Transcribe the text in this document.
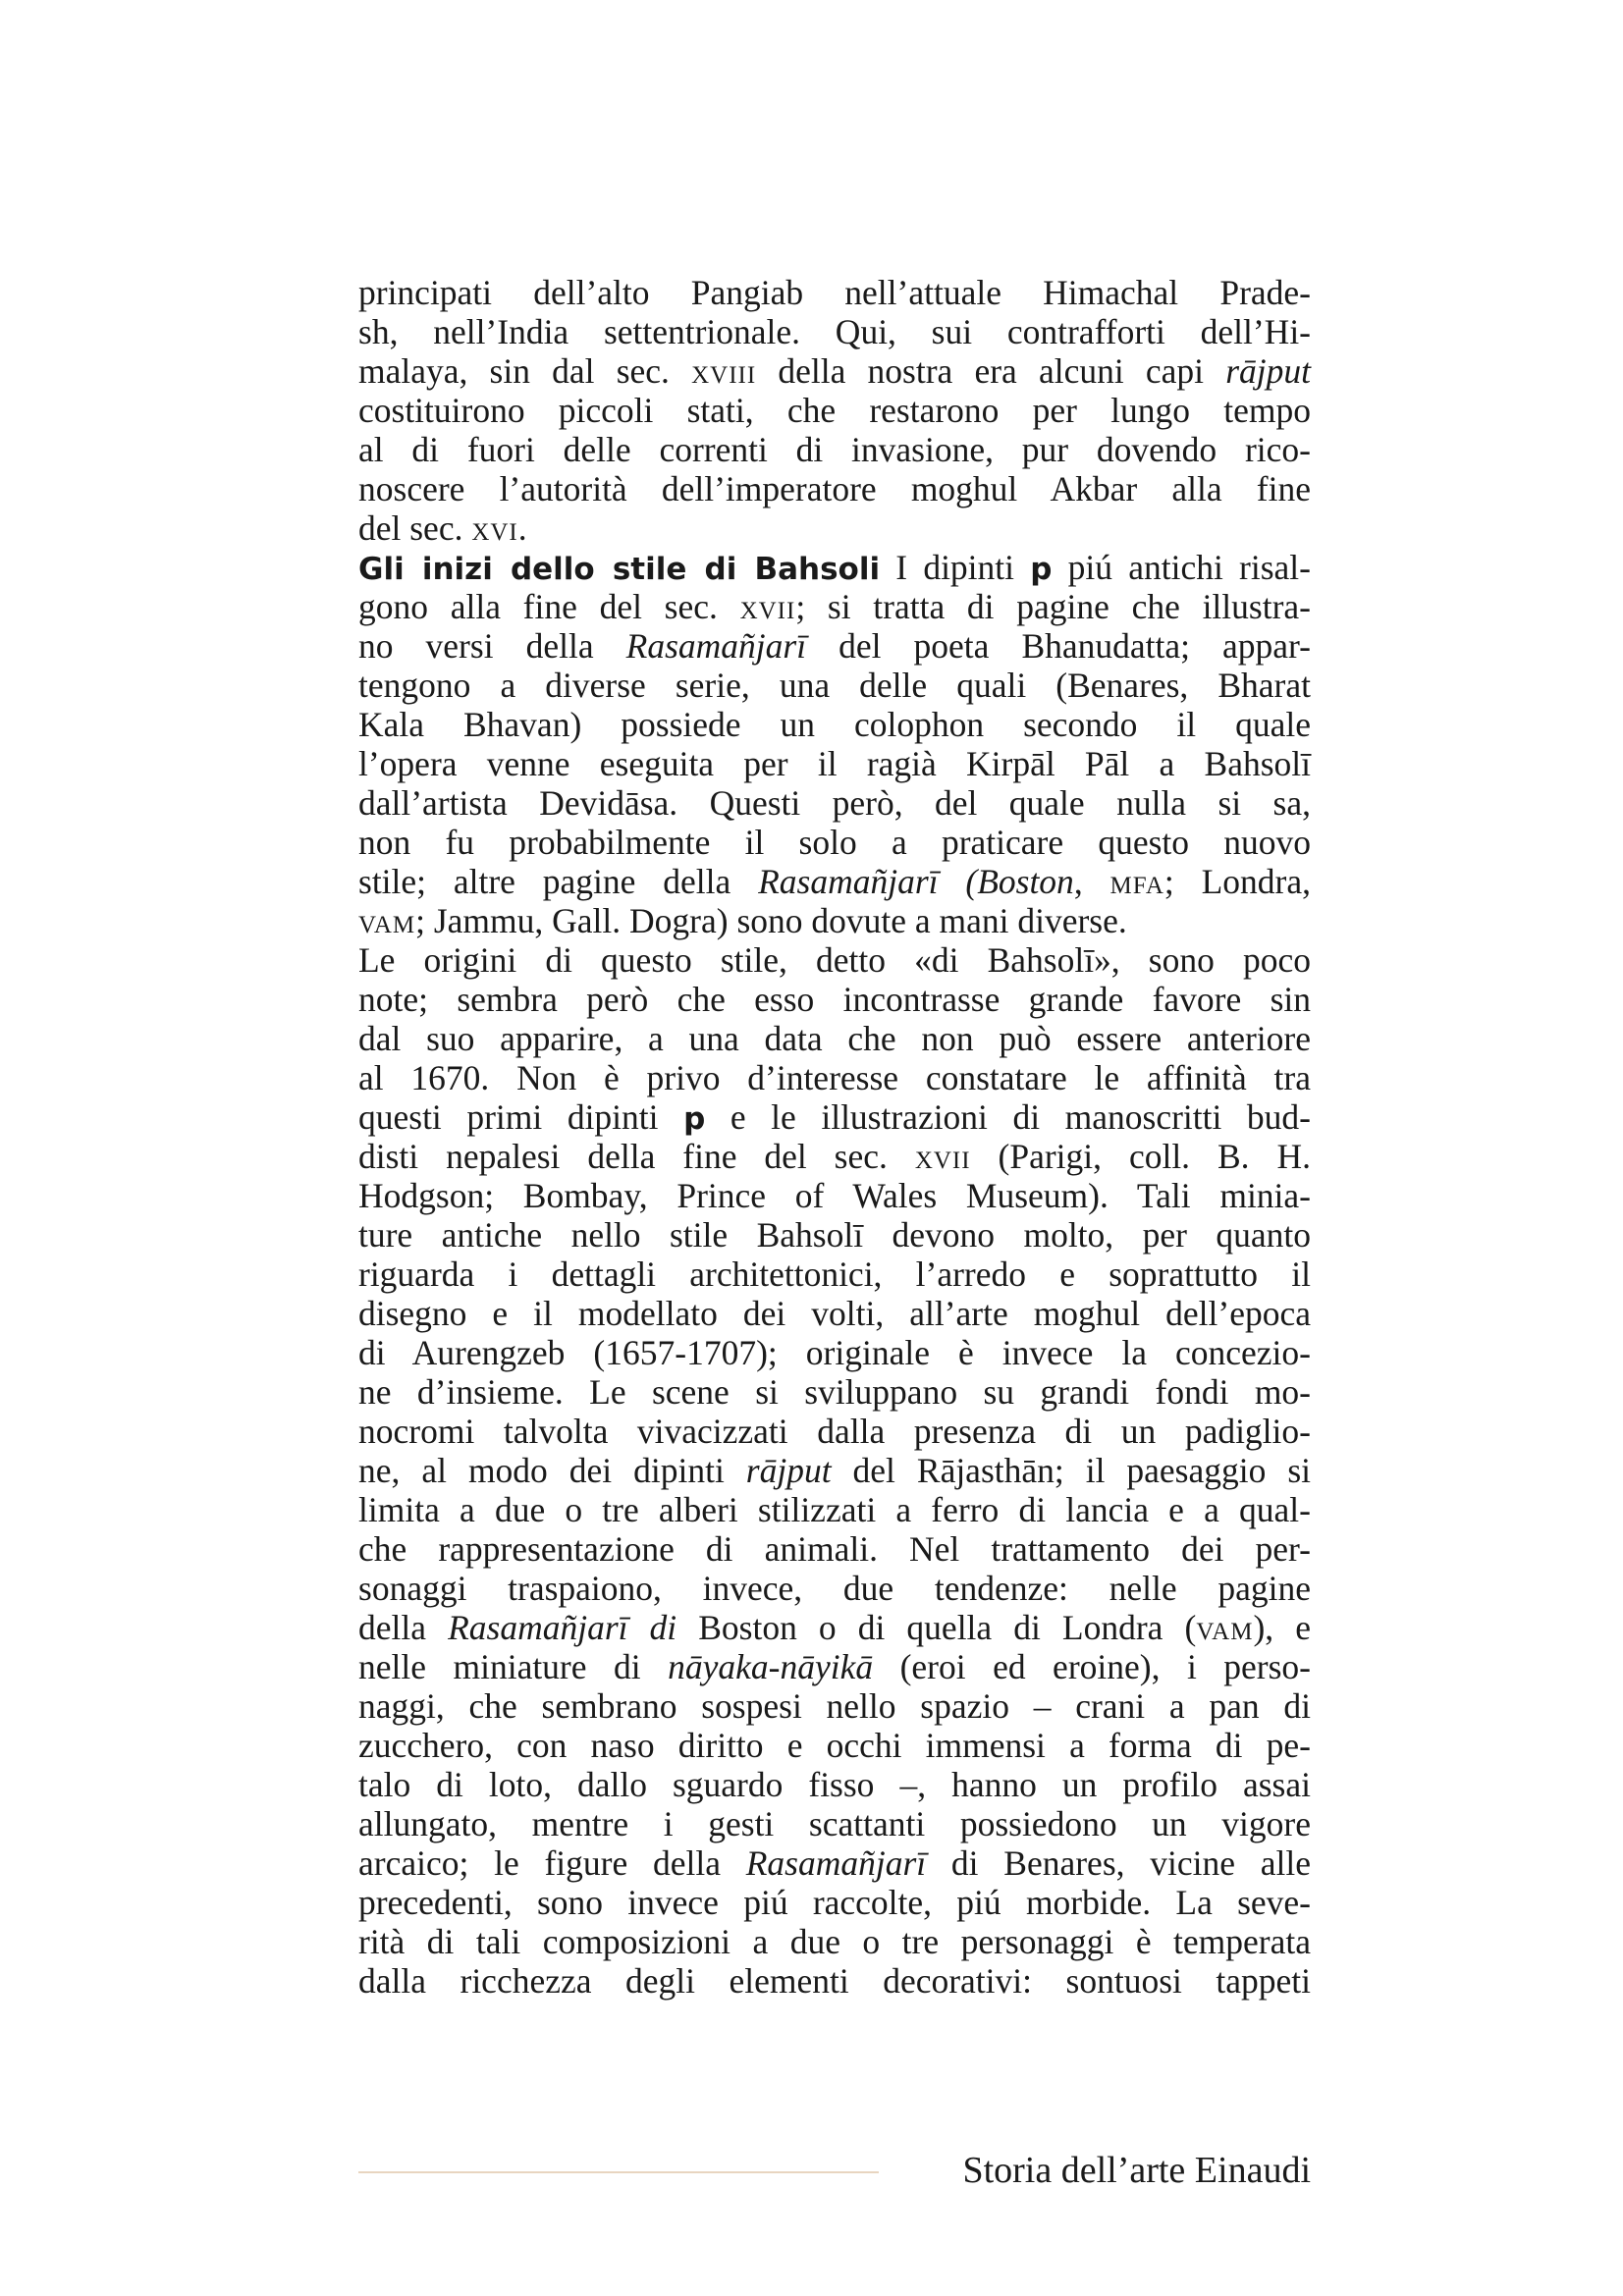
principati dell’alto Pangiab nell’attuale Himachal Prade-
sh, nell’India settentrionale. Qui, sui contrafforti dell’Hi-
malaya, sin dal sec. xviii della nostra era alcuni capi rājput
costituirono piccoli stati, che restarono per lungo tempo
al di fuori delle correnti di invasione, pur dovendo rico-
noscere l’autorità dell’imperatore moghul Akbar alla fine
del sec. xvi.
Gli inizi dello stile di Bahsoli I dipinti p piú antichi risal-
gono alla fine del sec. xvii; si tratta di pagine che illustra-
no versi della Rasamañjarī del poeta Bhanudatta; appar-
tengono a diverse serie, una delle quali (Benares, Bharat
Kala Bhavan) possiede un colophon secondo il quale
l’opera venne eseguita per il ragià Kirpāl Pāl a Bahsolī
dall’artista Devidāsa. Questi però, del quale nulla si sa,
non fu probabilmente il solo a praticare questo nuovo
stile; altre pagine della Rasamañjarī (Boston, mfa; Londra,
vam; Jammu, Gall. Dogra) sono dovute a mani diverse.
Le origini di questo stile, detto «di Bahsolī», sono poco
note; sembra però che esso incontrasse grande favore sin
dal suo apparire, a una data che non può essere anteriore
al 1670. Non è privo d’interesse constatare le affinità tra
questi primi dipinti p e le illustrazioni di manoscritti bud-
disti nepalesi della fine del sec. xvii (Parigi, coll. B. H.
Hodgson; Bombay, Prince of Wales Museum). Tali minia-
ture antiche nello stile Bahsolī devono molto, per quanto
riguarda i dettagli architettonici, l’arredo e soprattutto il
disegno e il modellato dei volti, all’arte moghul dell’epoca
di Aurengzeb (1657-1707); originale è invece la concezio-
ne d’insieme. Le scene si sviluppano su grandi fondi mo-
nocromi talvolta vivacizzati dalla presenza di un padiglio-
ne, al modo dei dipinti rājput del Rājasthān; il paesaggio si
limita a due o tre alberi stilizzati a ferro di lancia e a qual-
che rappresentazione di animali. Nel trattamento dei per-
sonaggi traspaiono, invece, due tendenze: nelle pagine
della Rasamañjarī di Boston o di quella di Londra (vam), e
nelle miniature di nāyaka-nāyikā (eroi ed eroine), i perso-
naggi, che sembrano sospesi nello spazio – crani a pan di
zucchero, con naso diritto e occhi immensi a forma di pe-
talo di loto, dallo sguardo fisso –, hanno un profilo assai
allungato, mentre i gesti scattanti possiedono un vigore
arcaico; le figure della Rasamañjarī di Benares, vicine alle
precedenti, sono invece piú raccolte, piú morbide. La seve-
rità di tali composizioni a due o tre personaggi è temperata
dalla ricchezza degli elementi decorativi: sontuosi tappeti
Storia dell’arte Einaudi
